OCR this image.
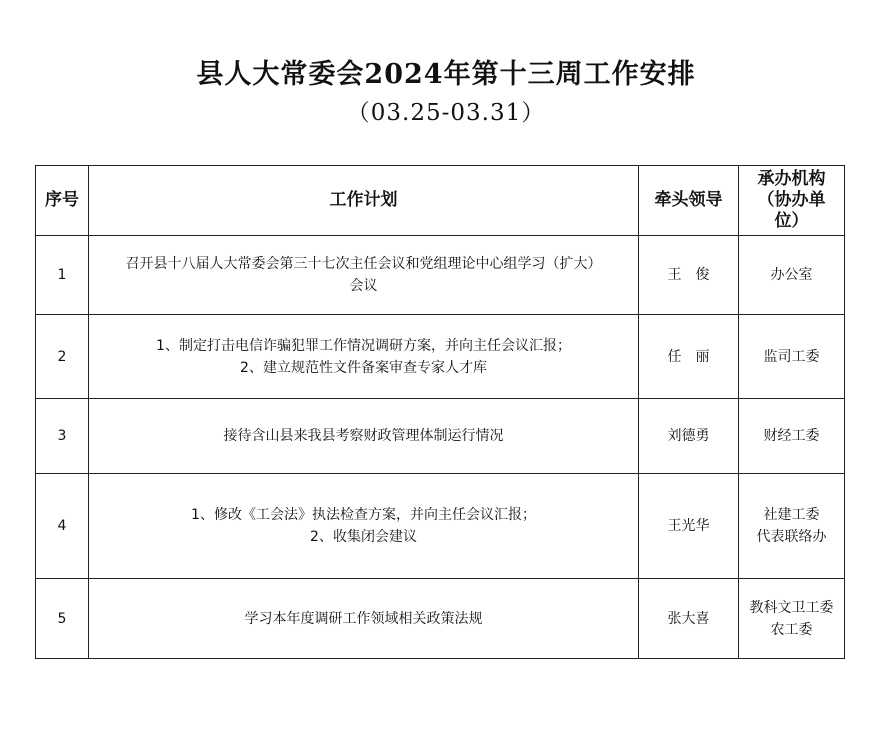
县人大常委会2024年第十三周工作安排
（03.25-03.31）
序号	工作计划	牵头领导	承办机构
（协办单
位）

1	召开县十八届人大常委会第三十七次主任会议和党组理论中心组学习（扩大）
会议	王　俊	办公室

2	1、制定打击电信诈骗犯罪工作情况调研方案，并向主任会议汇报；
2、建立规范性文件备案审查专家人才库	任　丽	监司工委

3	接待含山县来我县考察财政管理体制运行情况	刘德勇	财经工委

4	1、修改《工会法》执法检查方案，并向主任会议汇报；
2、收集闭会建议	王光华	社建工委
代表联络办

5	学习本年度调研工作领域相关政策法规	张大喜	教科文卫工委
农工委
